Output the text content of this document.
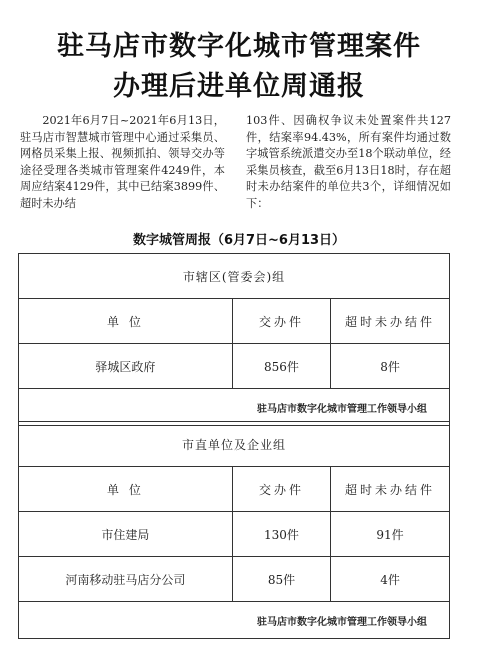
驻马店市数字化城市管理案件
办理后进单位周通报
2021年6月7日~2021年6月13日，驻马店市智慧城市管理中心通过采集员、网格员采集上报、视频抓拍、领导交办等途径受理各类城市管理案件4249件，本周应结案4129件，其中已结案3899件、超时未办结
103件、因确权争议未处置案件共127件，结案率94.43%，所有案件均通过数字城管系统派遣交办至18个联动单位，经采集员核查，截至6月13日18时，存在超时未办结案件的单位共3个，详细情况如下：
数字城管周报（6月7日~6月13日）
市辖区(管委会)组		
单 位	交办件	超时未办结件
驿城区政府	856件	8件
驻马店市数字化城市管理工作领导小组		
市直单位及企业组		
单 位	交办件	超时未办结件
市住建局	130件	91件
河南移动驻马店分公司	85件	4件
驻马店市数字化城市管理工作领导小组		
